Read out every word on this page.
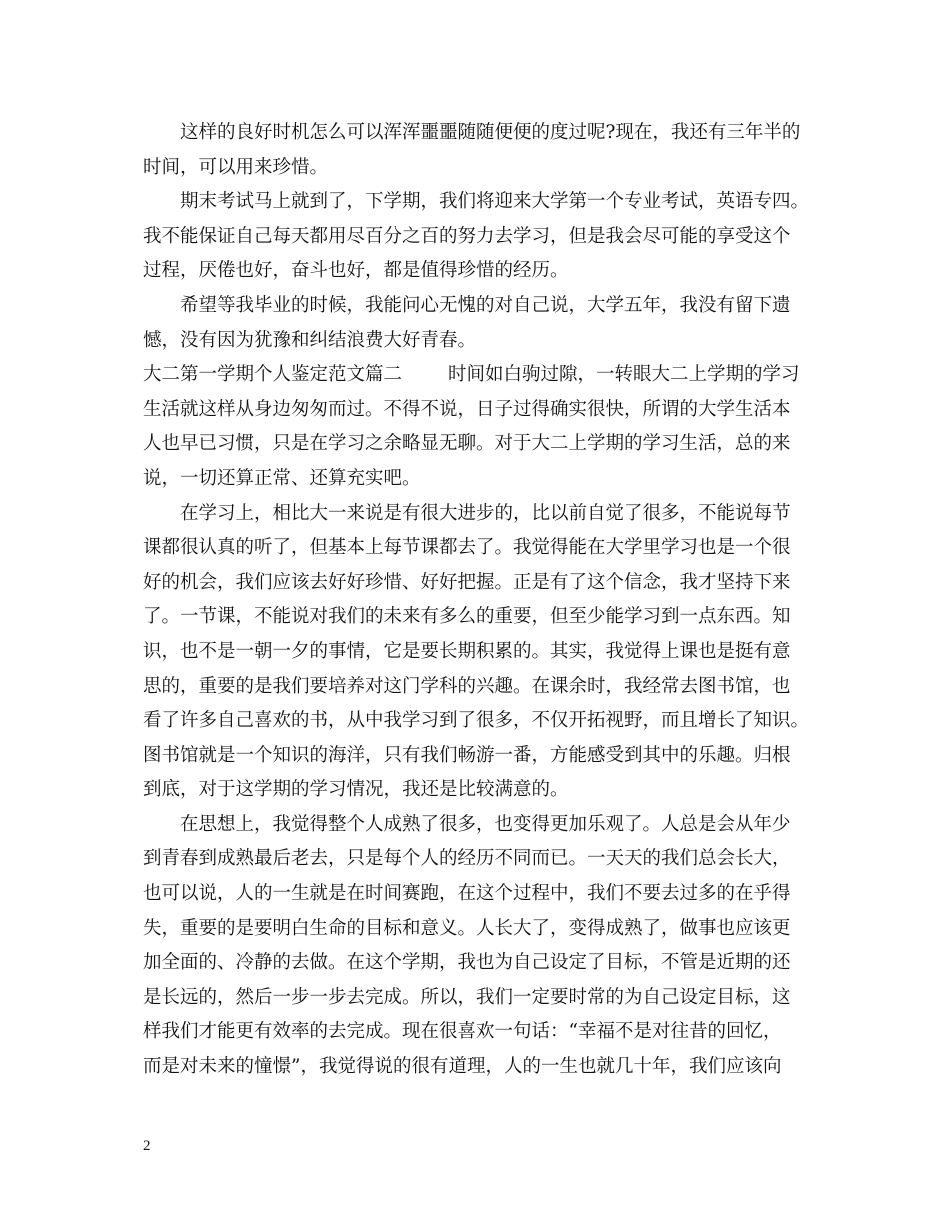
这样的良好时机怎么可以浑浑噩噩随随便便的度过呢?现在，我还有三年半的
时间，可以用来珍惜。
期末考试马上就到了，下学期，我们将迎来大学第一个专业考试，英语专四。
我不能保证自己每天都用尽百分之百的努力去学习，但是我会尽可能的享受这个
过程，厌倦也好，奋斗也好，都是值得珍惜的经历。
希望等我毕业的时候，我能问心无愧的对自己说，大学五年，我没有留下遗
憾，没有因为犹豫和纠结浪费大好青春。
大二第一学期个人鉴定范文篇二 时间如白驹过隙，一转眼大二上学期的学习
生活就这样从身边匆匆而过。不得不说，日子过得确实很快，所谓的大学生活本
人也早已习惯，只是在学习之余略显无聊。对于大二上学期的学习生活，总的来
说，一切还算正常、还算充实吧。
在学习上，相比大一来说是有很大进步的，比以前自觉了很多，不能说每节
课都很认真的听了，但基本上每节课都去了。我觉得能在大学里学习也是一个很
好的机会，我们应该去好好珍惜、好好把握。正是有了这个信念，我才坚持下来
了。一节课，不能说对我们的未来有多么的重要，但至少能学习到一点东西。知
识，也不是一朝一夕的事情，它是要长期积累的。其实，我觉得上课也是挺有意
思的，重要的是我们要培养对这门学科的兴趣。在课余时，我经常去图书馆，也
看了许多自己喜欢的书，从中我学习到了很多，不仅开拓视野，而且增长了知识。
图书馆就是一个知识的海洋，只有我们畅游一番，方能感受到其中的乐趣。归根
到底，对于这学期的学习情况，我还是比较满意的。
在思想上，我觉得整个人成熟了很多，也变得更加乐观了。人总是会从年少
到青春到成熟最后老去，只是每个人的经历不同而已。一天天的我们总会长大，
也可以说，人的一生就是在时间赛跑，在这个过程中，我们不要去过多的在乎得
失，重要的是要明白生命的目标和意义。人长大了，变得成熟了，做事也应该更
加全面的、冷静的去做。在这个学期，我也为自己设定了目标，不管是近期的还
是长远的，然后一步一步去完成。所以，我们一定要时常的为自己设定目标，这
样我们才能更有效率的去完成。现在很喜欢一句话：“幸福不是对往昔的回忆，
而是对未来的憧憬”，我觉得说的很有道理，人的一生也就几十年，我们应该向
2
